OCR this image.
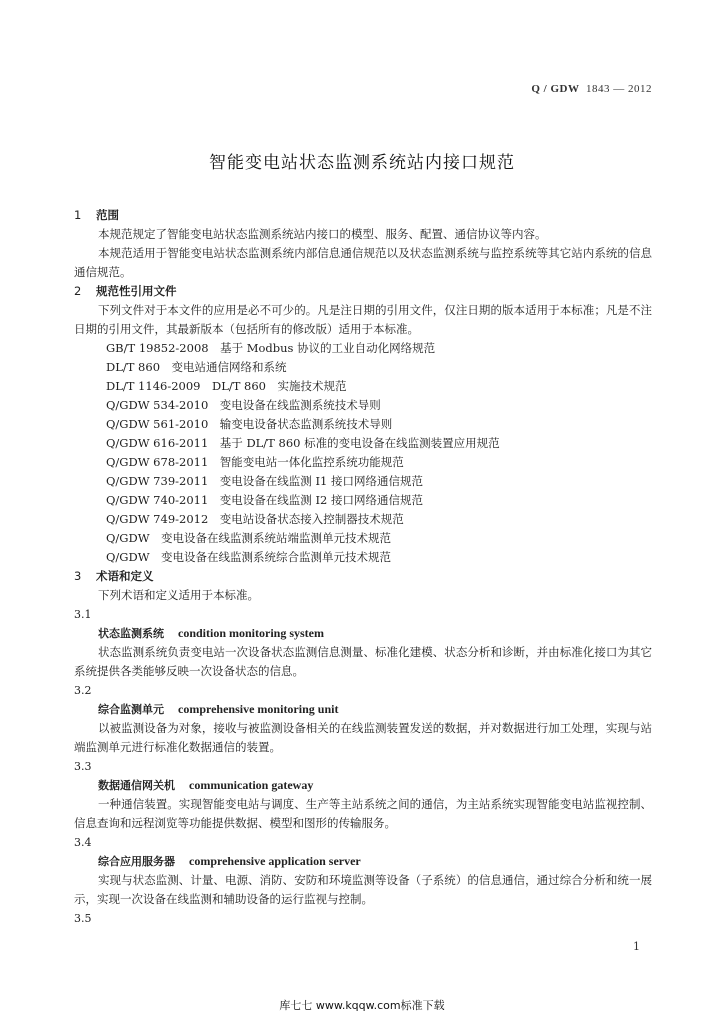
Q / GDW 1843 — 2012
智能变电站状态监测系统站内接口规范

1 范围

本规范规定了智能变电站状态监测系统站内接口的模型、服务、配置、通信协议等内容。

本规范适用于智能变电站状态监测系统内部信息通信规范以及状态监测系统与监控系统等其它站内系统的信息通信规范。

2 规范性引用文件

下列文件对于本文件的应用是必不可少的。凡是注日期的引用文件，仅注日期的版本适用于本标准；凡是不注日期的引用文件，其最新版本（包括所有的修改版）适用于本标准。

GB/T 19852-2008　基于 Modbus 协议的工业自动化网络规范

DL/T 860　变电站通信网络和系统

DL/T 1146-2009　DL/T 860　实施技术规范

Q/GDW 534-2010　变电设备在线监测系统技术导则

Q/GDW 561-2010　输变电设备状态监测系统技术导则

Q/GDW 616-2011　基于 DL/T 860 标准的变电设备在线监测装置应用规范

Q/GDW 678-2011　智能变电站一体化监控系统功能规范

Q/GDW 739-2011　变电设备在线监测 I1 接口网络通信规范

Q/GDW 740-2011　变电设备在线监测 I2 接口网络通信规范

Q/GDW 749-2012　变电站设备状态接入控制器技术规范

Q/GDW　变电设备在线监测系统站端监测单元技术规范

Q/GDW　变电设备在线监测系统综合监测单元技术规范

3 术语和定义

下列术语和定义适用于本标准。

3.1

状态监测系统 condition monitoring system

状态监测系统负责变电站一次设备状态监测信息测量、标准化建模、状态分析和诊断，并由标准化接口为其它系统提供各类能够反映一次设备状态的信息。

3.2

综合监测单元 comprehensive monitoring unit

以被监测设备为对象，接收与被监测设备相关的在线监测装置发送的数据，并对数据进行加工处理，实现与站端监测单元进行标准化数据通信的装置。

3.3

数据通信网关机 communication gateway

一种通信装置。实现智能变电站与调度、生产等主站系统之间的通信，为主站系统实现智能变电站监视控制、信息查询和远程浏览等功能提供数据、模型和图形的传输服务。

3.4

综合应用服务器 comprehensive application server

实现与状态监测、计量、电源、消防、安防和环境监测等设备（子系统）的信息通信，通过综合分析和统一展示，实现一次设备在线监测和辅助设备的运行监视与控制。

3.5

1
库七七 www.kqqw.com标准下载
